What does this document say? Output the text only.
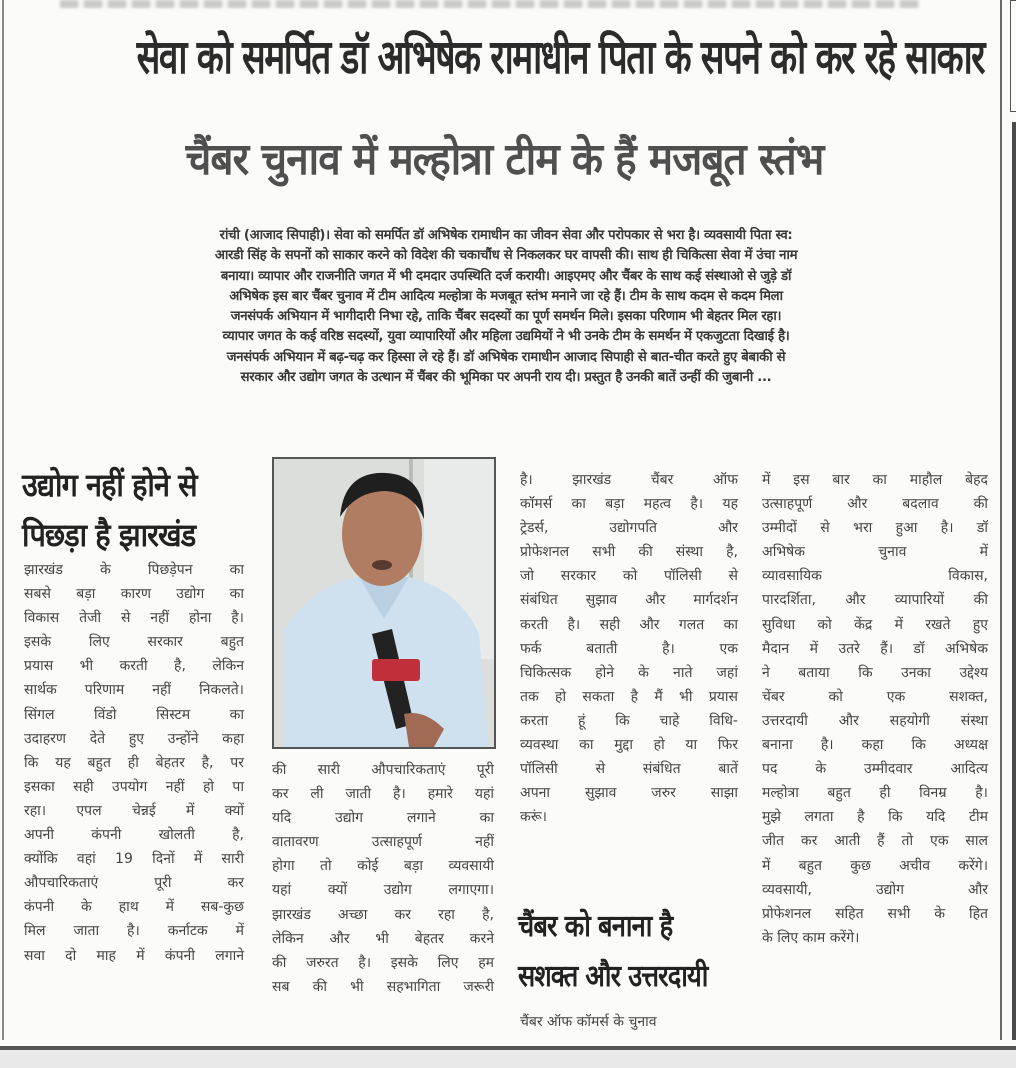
सेवा को समर्पित डॉ अभिषेक रामाधीन पिता के सपने को कर रहे साकार
चैंबर चुनाव में मल्होत्रा टीम के हैं मजबूत स्तंभ

रांची (आजाद सिपाही)। सेवा को समर्पित डॉ अभिषेक रामाधीन का जीवन सेवा और परोपकार से भरा है। व्यवसायी पिता स्व:

आरडी सिंह के सपनों को साकार करने को विदेश की चकाचौंध से निकलकर घर वापसी की। साथ ही चिकित्सा सेवा में उंचा नाम

बनाया। व्यापार और राजनीति जगत में भी दमदार उपस्थिति दर्ज करायी। आइएमए और चैंबर के साथ कई संस्थाओ से जुड़े डॉ

अभिषेक इस बार चैंबर चुनाव में टीम आदित्य मल्होत्रा के मजबूत स्तंभ मनाने जा रहे हैं। टीम के साथ कदम से कदम मिला

जनसंपर्क अभियान में भागीदारी निभा रहे, ताकि चैंबर सदस्यों का पूर्ण समर्थन मिले। इसका परिणाम भी बेहतर मिल रहा।

व्यापार जगत के कई वरिष्ठ सदस्यों, युवा व्यापारियों और महिला उद्यमियों ने भी उनके टीम के समर्थन में एकजुटता दिखाई है।

जनसंपर्क अभियान में बढ़-चढ़ कर हिस्सा ले रहे हैं। डॉ अभिषेक रामाधीन आजाद सिपाही से बात-चीत करते हुए बेबाकी से

सरकार और उद्योग जगत के उत्थान में चैंबर की भूमिका पर अपनी राय दी। प्रस्तुत है उनकी बातें उन्हीं की जुबानी ...

उद्योग नहीं होने से
पिछड़ा है झारखंड

झारखंड के पिछड़ेपन का

सबसे बड़ा कारण उद्योग का

विकास तेजी से नहीं होना है।

इसके लिए सरकार बहुत

प्रयास भी करती है, लेकिन

सार्थक परिणाम नहीं निकलते।

सिंगल विंडो सिस्टम का

उदाहरण देते हुए उन्होंने कहा

कि यह बहुत ही बेहतर है, पर

इसका सही उपयोग नहीं हो पा

रहा। एपल चेन्नई में क्यों

अपनी कंपनी खोलती है,

क्योंकि वहां 19 दिनों में सारी

औपचारिकताएं पूरी कर

कंपनी के हाथ में सब-कुछ

मिल जाता है। कर्नाटक में

सवा दो माह में कंपनी लगाने

की सारी औपचारिकताएं पूरी

कर ली जाती है। हमारे यहां

यदि उद्योग लगाने का

वातावरण उत्साहपूर्ण नहीं

होगा तो कोई बड़ा व्यवसायी

यहां क्यों उद्योग लगाएगा।

झारखंड अच्छा कर रहा है,

लेकिन और भी बेहतर करने

की जरुरत है। इसके लिए हम

सब की भी सहभागिता जरूरी

है। झारखंड चैंबर ऑफ

कॉमर्स का बड़ा महत्व है। यह

ट्रेडर्स, उद्योगपति और

प्रोफेशनल सभी की संस्था है,

जो सरकार को पॉलिसी से

संबंधित सुझाव और मार्गदर्शन

करती है। सही और गलत का

फर्क बताती है। एक

चिकित्सक होने के नाते जहां

तक हो सकता है मैं भी प्रयास

करता हूं कि चाहे विधि-

व्यवस्था का मुद्दा हो या फिर

पॉलिसी से संबंधित बातें

अपना सुझाव जरुर साझा

करूं।

चैंबर को बनाना है
सशक्त और उत्तरदायी

चैंबर ऑफ कॉमर्स के चुनाव

में इस बार का माहौल बेहद

उत्साहपूर्ण और बदलाव की

उम्मीदों से भरा हुआ है। डॉ

अभिषेक चुनाव में

व्यावसायिक विकास,

पारदर्शिता, और व्यापारियों की

सुविधा को केंद्र में रखते हुए

मैदान में उतरे हैं। डॉ अभिषेक

ने बताया कि उनका उद्देश्य

चेंबर को एक सशक्त,

उत्तरदायी और सहयोगी संस्था

बनाना है। कहा कि अध्यक्ष

पद के उम्मीदवार आदित्य

मल्होत्रा बहुत ही विनम्र है।

मुझे लगता है कि यदि टीम

जीत कर आती हैं तो एक साल

में बहुत कुछ अचीव करेंगे।

व्यवसायी, उद्योग और

प्रोफेशनल सहित सभी के हित

के लिए काम करेंगे।
